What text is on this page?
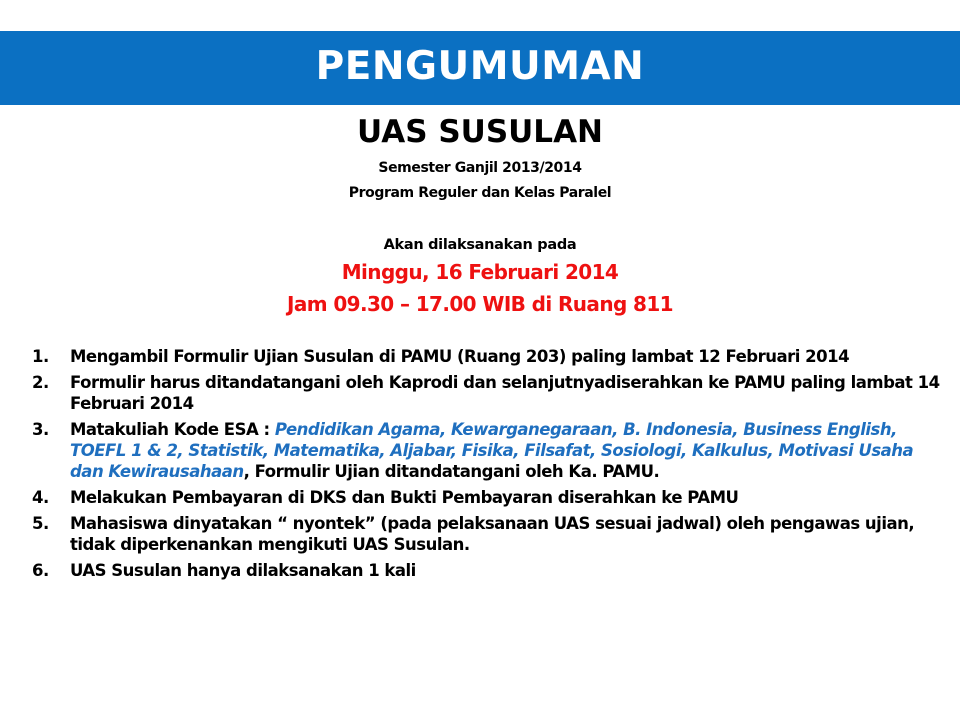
PENGUMUMAN
UAS SUSULAN
Semester Ganjil 2013/2014
Program Reguler dan Kelas Paralel
Akan dilaksanakan pada
Minggu, 16 Februari 2014
Jam 09.30 – 17.00 WIB di Ruang 811
1.	Mengambil Formulir Ujian Susulan di PAMU (Ruang 203) paling lambat 12 Februari 2014
2.	Formulir harus ditandatangani oleh Kaprodi dan selanjutnyadiserahkan ke PAMU paling lambat 14 Februari 2014
3.	Matakuliah Kode ESA : Pendidikan Agama, Kewarganegaraan, B. Indonesia, Business English, TOEFL 1 & 2, Statistik, Matematika, Aljabar, Fisika, Filsafat, Sosiologi, Kalkulus, Motivasi Usaha dan Kewirausahaan, Formulir Ujian ditandatangani oleh Ka. PAMU.
4.	Melakukan Pembayaran di DKS dan Bukti Pembayaran diserahkan ke PAMU
5.	Mahasiswa dinyatakan “ nyontek” (pada pelaksanaan UAS sesuai jadwal) oleh pengawas ujian, tidak diperkenankan mengikuti UAS Susulan.
6.	UAS Susulan hanya dilaksanakan 1 kali
